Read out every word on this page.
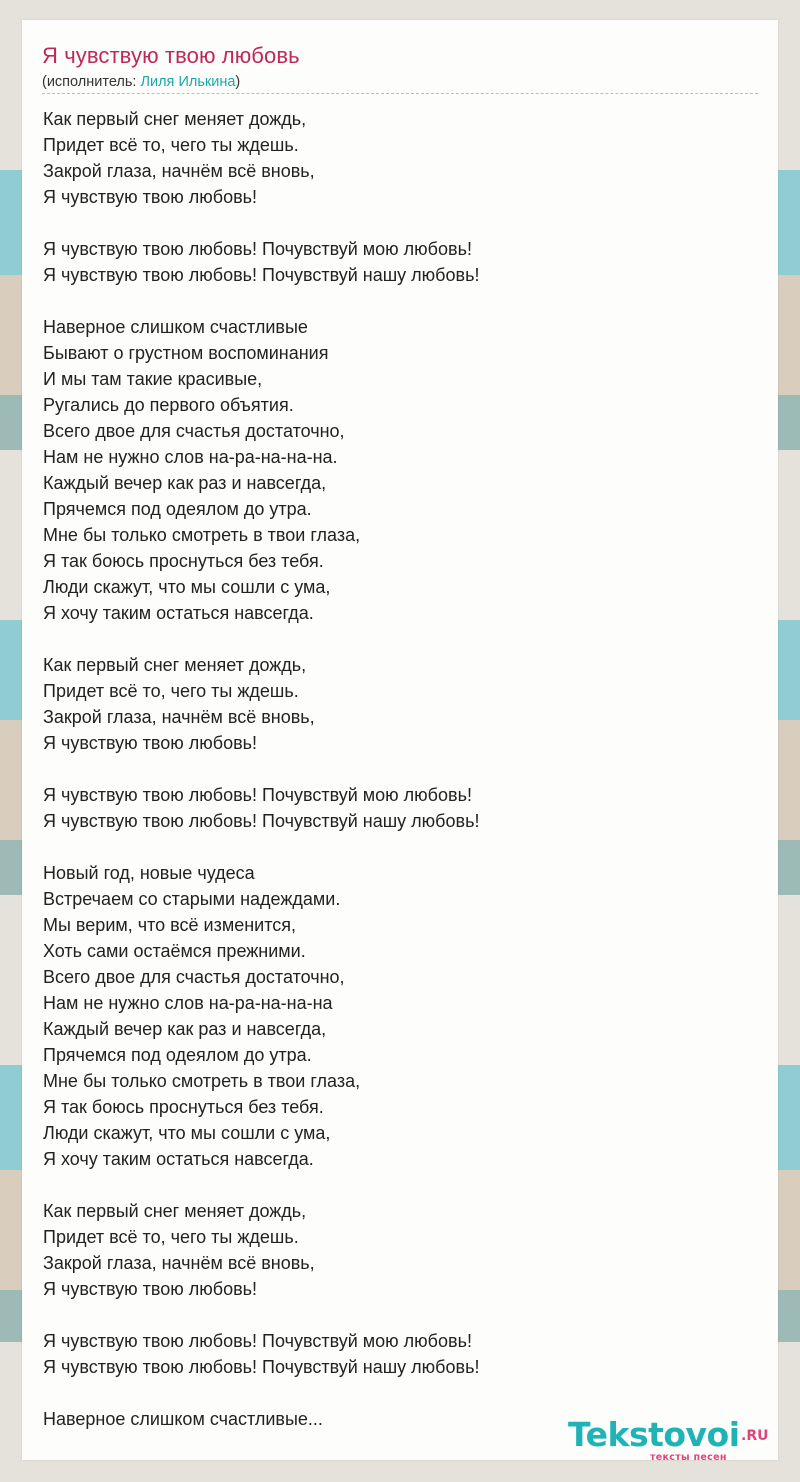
Я чувствую твою любовь
(исполнитель: Лиля Илькина)
Как первый снег меняет дождь,
Придет всё то, чего ты ждешь.
Закрой глаза, начнём всё вновь,
Я чувствую твою любовь!
Я чувствую твою любовь! Почувствуй мою любовь!
Я чувствую твою любовь! Почувствуй нашу любовь!
Наверное слишком счастливые
Бывают о грустном воспоминания
И мы там такие красивые,
Ругались до первого объятия.
Всего двое для счастья достаточно,
Нам не нужно слов на-ра-на-на-на.
Каждый вечер как раз и навсегда,
Прячемся под одеялом до утра.
Мне бы только смотреть в твои глаза,
Я так боюсь проснуться без тебя.
Люди скажут, что мы сошли с ума,
Я хочу таким остаться навсегда.
Как первый снег меняет дождь,
Придет всё то, чего ты ждешь.
Закрой глаза, начнём всё вновь,
Я чувствую твою любовь!
Я чувствую твою любовь! Почувствуй мою любовь!
Я чувствую твою любовь! Почувствуй нашу любовь!
Новый год, новые чудеса
Встречаем со старыми надеждами.
Мы верим, что всё изменится,
Хоть сами остаёмся прежними.
Всего двое для счастья достаточно,
Нам не нужно слов на-ра-на-на-на
Каждый вечер как раз и навсегда,
Прячемся под одеялом до утра.
Мне бы только смотреть в твои глаза,
Я так боюсь проснуться без тебя.
Люди скажут, что мы сошли с ума,
Я хочу таким остаться навсегда.
Как первый снег меняет дождь,
Придет всё то, чего ты ждешь.
Закрой глаза, начнём всё вновь,
Я чувствую твою любовь!
Я чувствую твою любовь! Почувствуй мою любовь!
Я чувствую твою любовь! Почувствуй нашу любовь!
Наверное слишком счастливые...	Tekstovoi .RU
тексты песен
